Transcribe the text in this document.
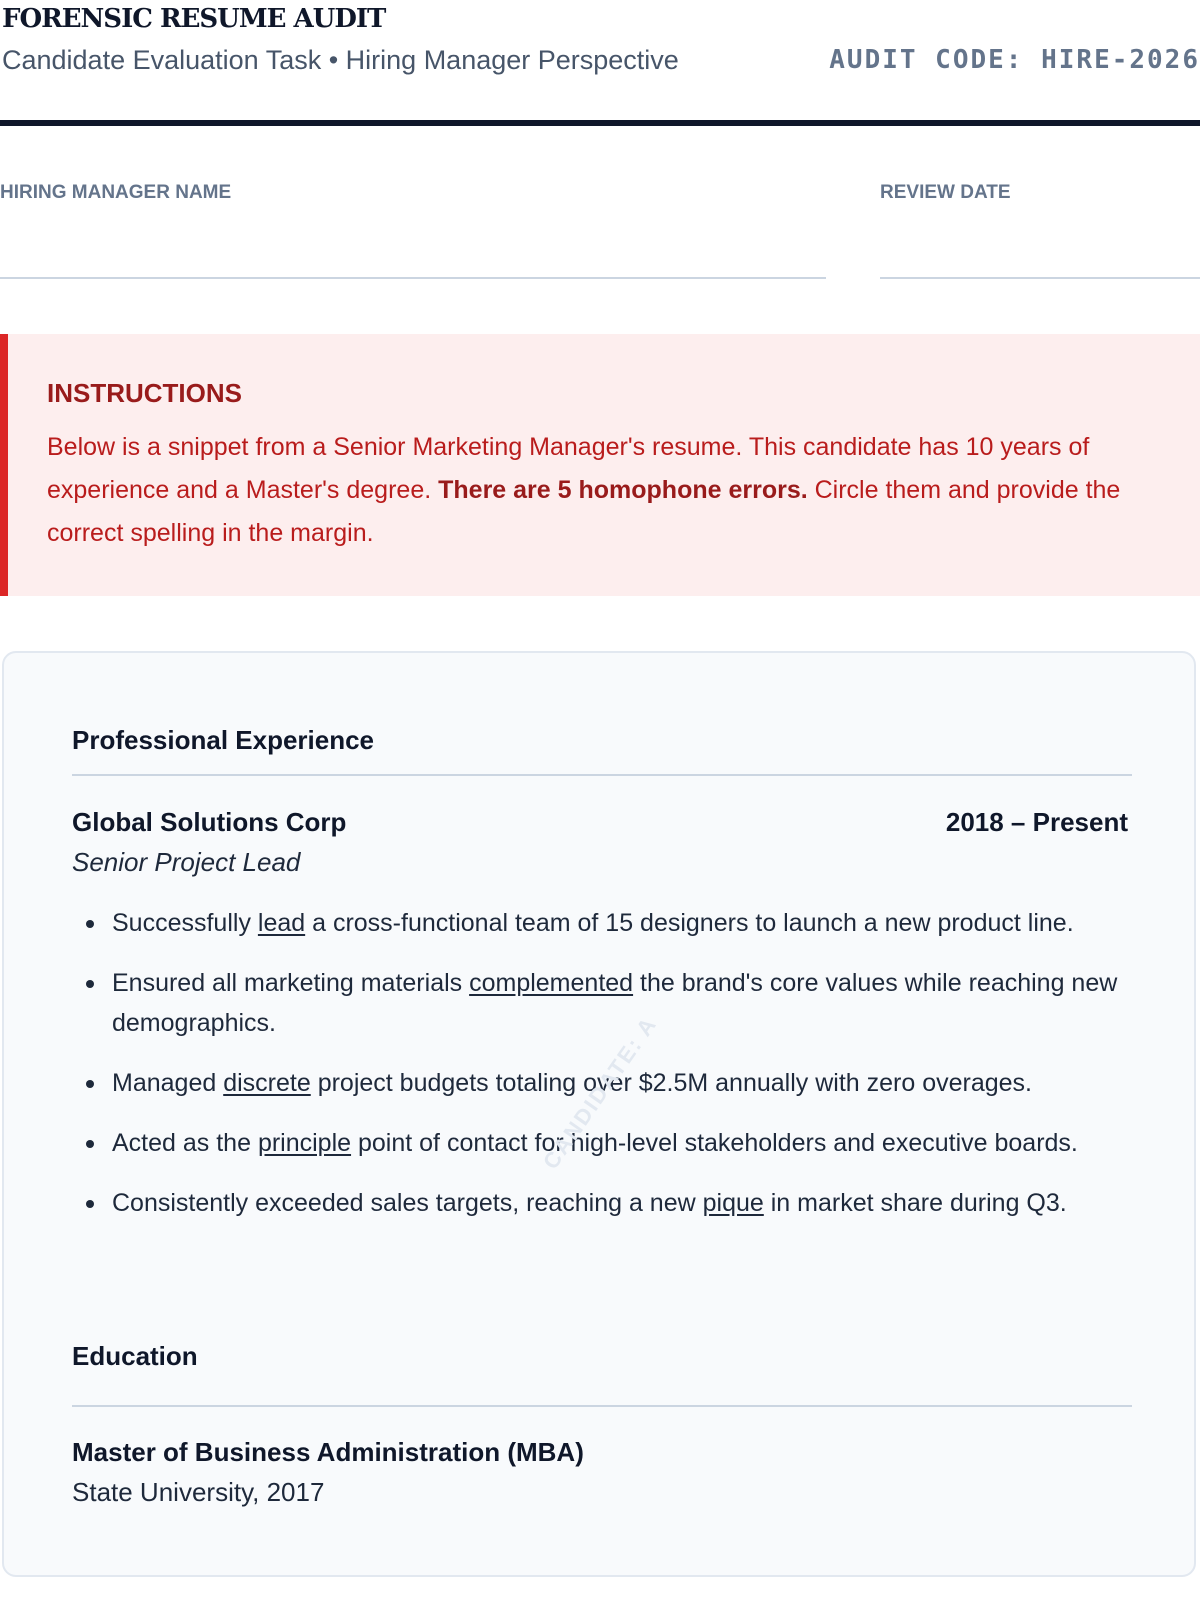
FORENSIC RESUME AUDIT
Candidate Evaluation Task • Hiring Manager Perspective	AUDIT CODE: HIRE-2026
HIRING MANAGER NAME	REVIEW DATE
INSTRUCTIONS
Below is a snippet from a Senior Marketing Manager's resume. This candidate has 10 years of experience and a Master's degree. There are 5 homophone errors. Circle them and provide the correct spelling in the margin.
Professional Experience
Global Solutions Corp	2018 – Present
Senior Project Lead
Successfully lead a cross-functional team of 15 designers to launch a new product line.
Ensured all marketing materials complemented the brand's core values while reaching new demographics.
Managed discrete project budgets totaling over $2.5M annually with zero overages.
Acted as the principle point of contact for high-level stakeholders and executive boards.
Consistently exceeded sales targets, reaching a new pique in market share during Q3.
Education
Master of Business Administration (MBA)
State University, 2017
CANDIDATE: A
